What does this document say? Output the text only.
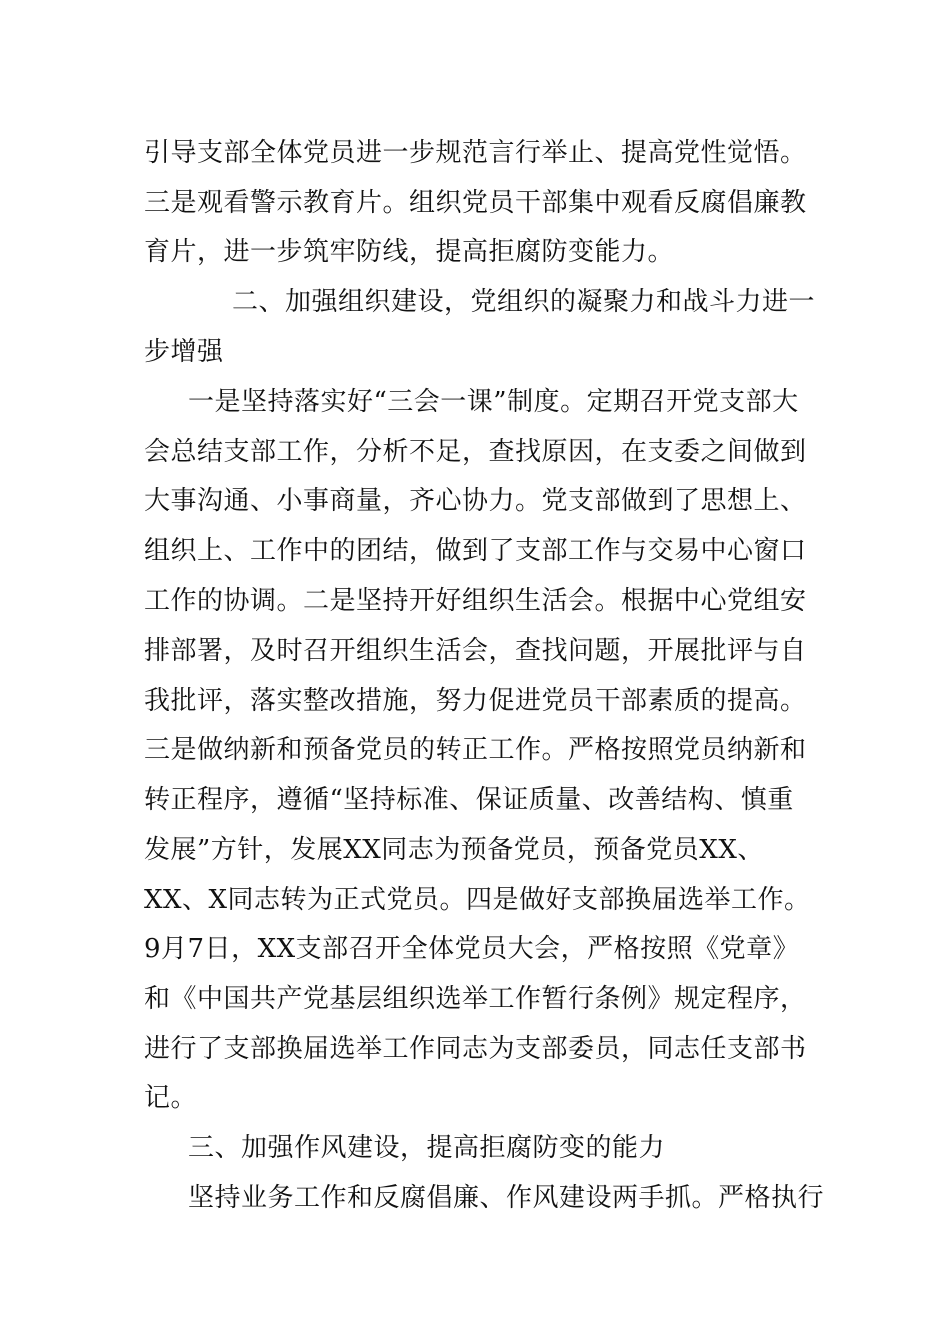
引导支部全体党员进一步规范言行举止、提高党性觉悟。
三是观看警示教育片。组织党员干部集中观看反腐倡廉教
育片，进一步筑牢防线，提高拒腐防变能力。
二、加强组织建设，党组织的凝聚力和战斗力进一
步增强
一是坚持落实好“三会一课”制度。定期召开党支部大
会总结支部工作，分析不足，查找原因，在支委之间做到
大事沟通、小事商量，齐心协力。党支部做到了思想上、
组织上、工作中的团结，做到了支部工作与交易中心窗口
工作的协调。二是坚持开好组织生活会。根据中心党组安
排部署，及时召开组织生活会，查找问题，开展批评与自
我批评，落实整改措施，努力促进党员干部素质的提高。
三是做纳新和预备党员的转正工作。严格按照党员纳新和
转正程序，遵循“坚持标准、保证质量、改善结构、慎重
发展”方针，发展XX同志为预备党员，预备党员XX、
XX、X同志转为正式党员。四是做好支部换届选举工作。
9月7日，XX支部召开全体党员大会，严格按照《党章》
和《中国共产党基层组织选举工作暂行条例》规定程序，
进行了支部换届选举工作同志为支部委员，同志任支部书
记。
三、加强作风建设，提高拒腐防变的能力
坚持业务工作和反腐倡廉、作风建设两手抓。严格执行
